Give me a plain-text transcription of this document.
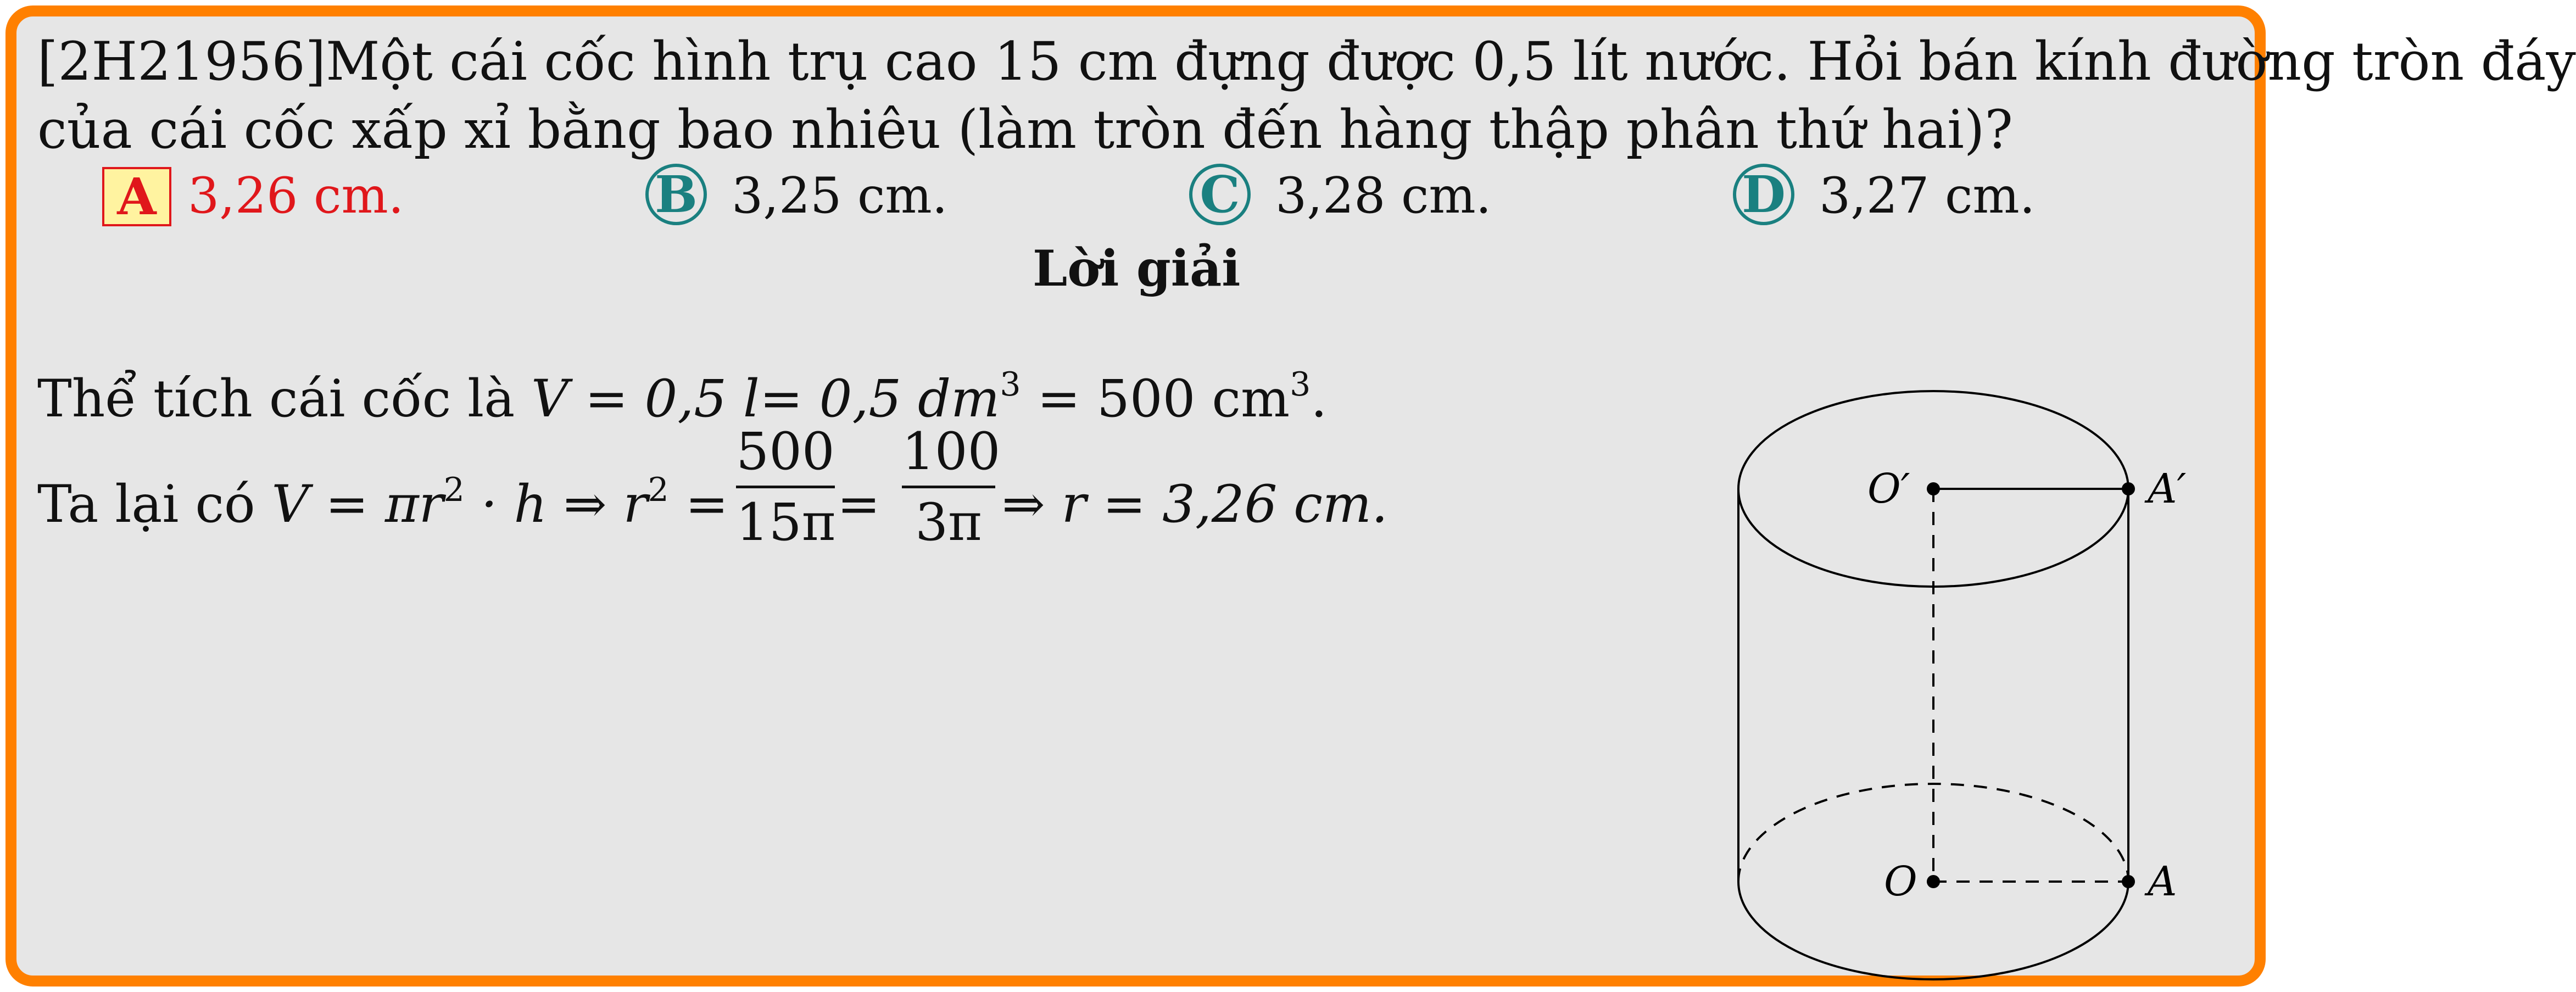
[2H21956]Một cái cốc hình trụ cao 15 cm đựng được 0,5 lít nước. Hỏi bán kính đường tròn đáy
của cái cốc xấp xỉ bằng bao nhiêu (làm tròn đến hàng thập phân thứ hai)?
A 3,26 cm.	B 3,25 cm.	C 3,28 cm.	D 3,27 cm.
Lời giải
Thể tích cái cốc là V = 0,5 l= 0,5 $dm^3 = 500$ $cm^3$.
Ta lại có $V = \pi r^2 \cdot h$ ⇒ $r^2$ =
500
15π =
100
3π ⇒ r = 3,26 cm.	O′	A′
O	A
